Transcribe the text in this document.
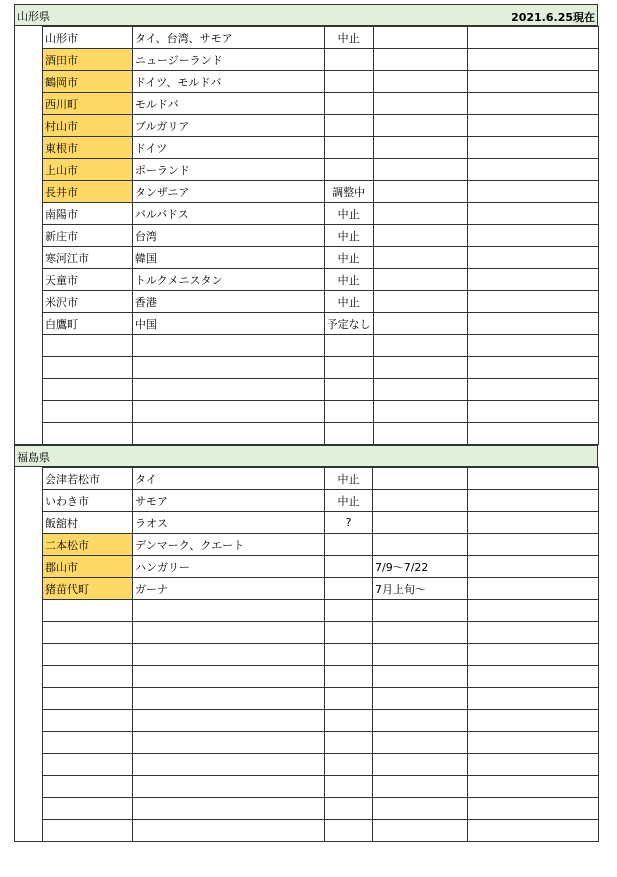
山形県	2021.6.25現在
山形市	タイ、台湾、サモア	中止		
酒田市	ニュージーランド			
鶴岡市	ドイツ、モルドバ			
西川町	モルドバ			
村山市	ブルガリア			
東根市	ドイツ			
上山市	ポーランド			
長井市	タンザニア	調整中		
南陽市	バルバドス	中止		
新庄市	台湾	中止		
寒河江市	韓国	中止		
天童市	トルクメニスタン	中止		
米沢市	香港	中止		
白鷹町	中国	予定なし		

福島県
会津若松市	タイ	中止		
いわき市	サモア	中止		
飯舘村	ラオス	?		
二本松市	デンマーク、クエート			
郡山市	ハンガリー		7/9～7/22	
猪苗代町	ガーナ		7月上旬～	
